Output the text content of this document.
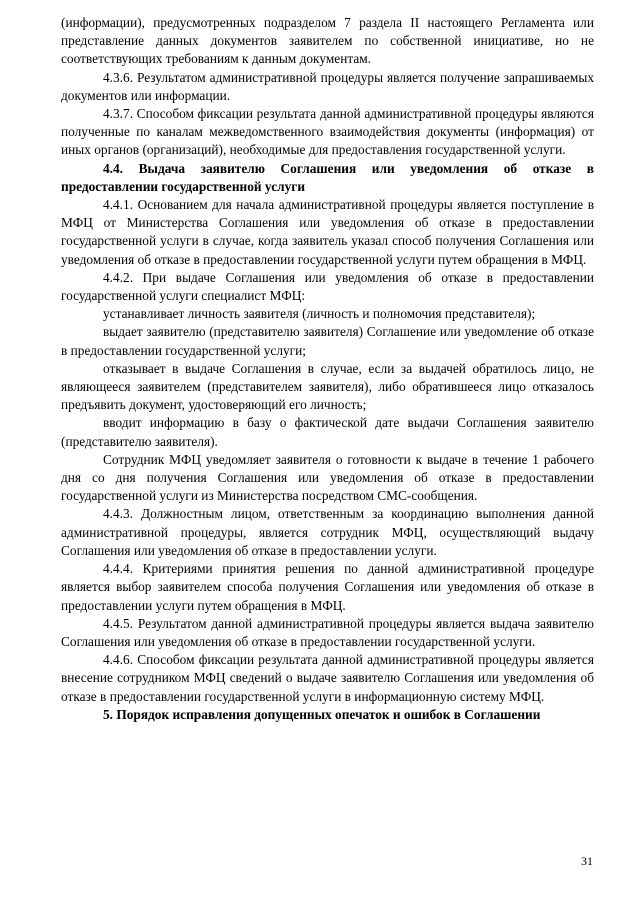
(информации), предусмотренных подразделом 7 раздела II настоящего Регламента или представление данных документов заявителем по собственной инициативе, но не соответствующих требованиям к данным документам.

4.3.6. Результатом административной процедуры является получение запрашиваемых документов или информации.

4.3.7. Способом фиксации результата данной административной процедуры являются полученные по каналам межведомственного взаимодействия документы (информация) от иных органов (организаций), необходимые для предоставления государственной услуги.

4.4. Выдача заявителю Соглашения или уведомления об отказе в предоставлении государственной услуги

4.4.1. Основанием для начала административной процедуры является поступление в МФЦ от Министерства Соглашения или уведомления об отказе в предоставлении государственной услуги в случае, когда заявитель указал способ получения Соглашения или уведомления об отказе в предоставлении государственной услуги путем обращения в МФЦ.

4.4.2. При выдаче Соглашения или уведомления об отказе в предоставлении государственной услуги специалист МФЦ:

устанавливает личность заявителя (личность и полномочия представителя);

выдает заявителю (представителю заявителя) Соглашение или уведомление об отказе в предоставлении государственной услуги;

отказывает в выдаче Соглашения в случае, если за выдачей обратилось лицо, не являющееся заявителем (представителем заявителя), либо обратившееся лицо отказалось предъявить документ, удостоверяющий его личность;

вводит информацию в базу о фактической дате выдачи Соглашения заявителю (представителю заявителя).

Сотрудник МФЦ уведомляет заявителя о готовности к выдаче в течение 1 рабочего дня со дня получения Соглашения или уведомления об отказе в предоставлении государственной услуги из Министерства посредством СМС-сообщения.

4.4.3. Должностным лицом, ответственным за координацию выполнения данной административной процедуры, является сотрудник МФЦ, осуществляющий выдачу Соглашения или уведомления об отказе в предоставлении услуги.

4.4.4. Критериями принятия решения по данной административной процедуре является выбор заявителем способа получения Соглашения или уведомления об отказе в предоставлении услуги путем обращения в МФЦ.

4.4.5. Результатом данной административной процедуры является выдача заявителю Соглашения или уведомления об отказе в предоставлении государственной услуги.

4.4.6. Способом фиксации результата данной административной процедуры является внесение сотрудником МФЦ сведений о выдаче заявителю Соглашения или уведомления об отказе в предоставлении государственной услуги в информационную систему МФЦ.

5. Порядок исправления допущенных опечаток и ошибок в Соглашении

31
